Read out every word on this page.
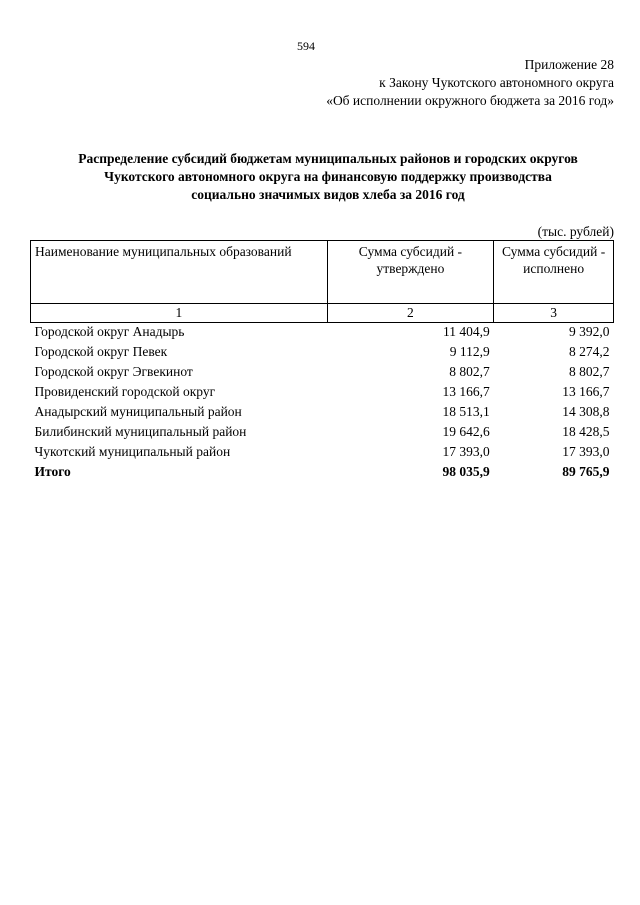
594
Приложение 28
к Закону Чукотского автономного округа
«Об исполнении окружного бюджета за 2016 год»
Распределение субсидий бюджетам муниципальных районов и городских округов
Чукотского автономного округа на финансовую поддержку производства
социально значимых видов хлеба за 2016 год
(тыс. рублей)
Наименование муниципальных образований	Сумма субсидий - утверждено	Сумма субсидий - исполнено
1	2	3
Городской округ Анадырь	11 404,9	9 392,0
Городской округ Певек	9 112,9	8 274,2
Городской округ Эгвекинот	8 802,7	8 802,7
Провиденский городской округ	13 166,7	13 166,7
Анадырский муниципальный район	18 513,1	14 308,8
Билибинский муниципальный район	19 642,6	18 428,5
Чукотский муниципальный район	17 393,0	17 393,0
Итого	98 035,9	89 765,9
